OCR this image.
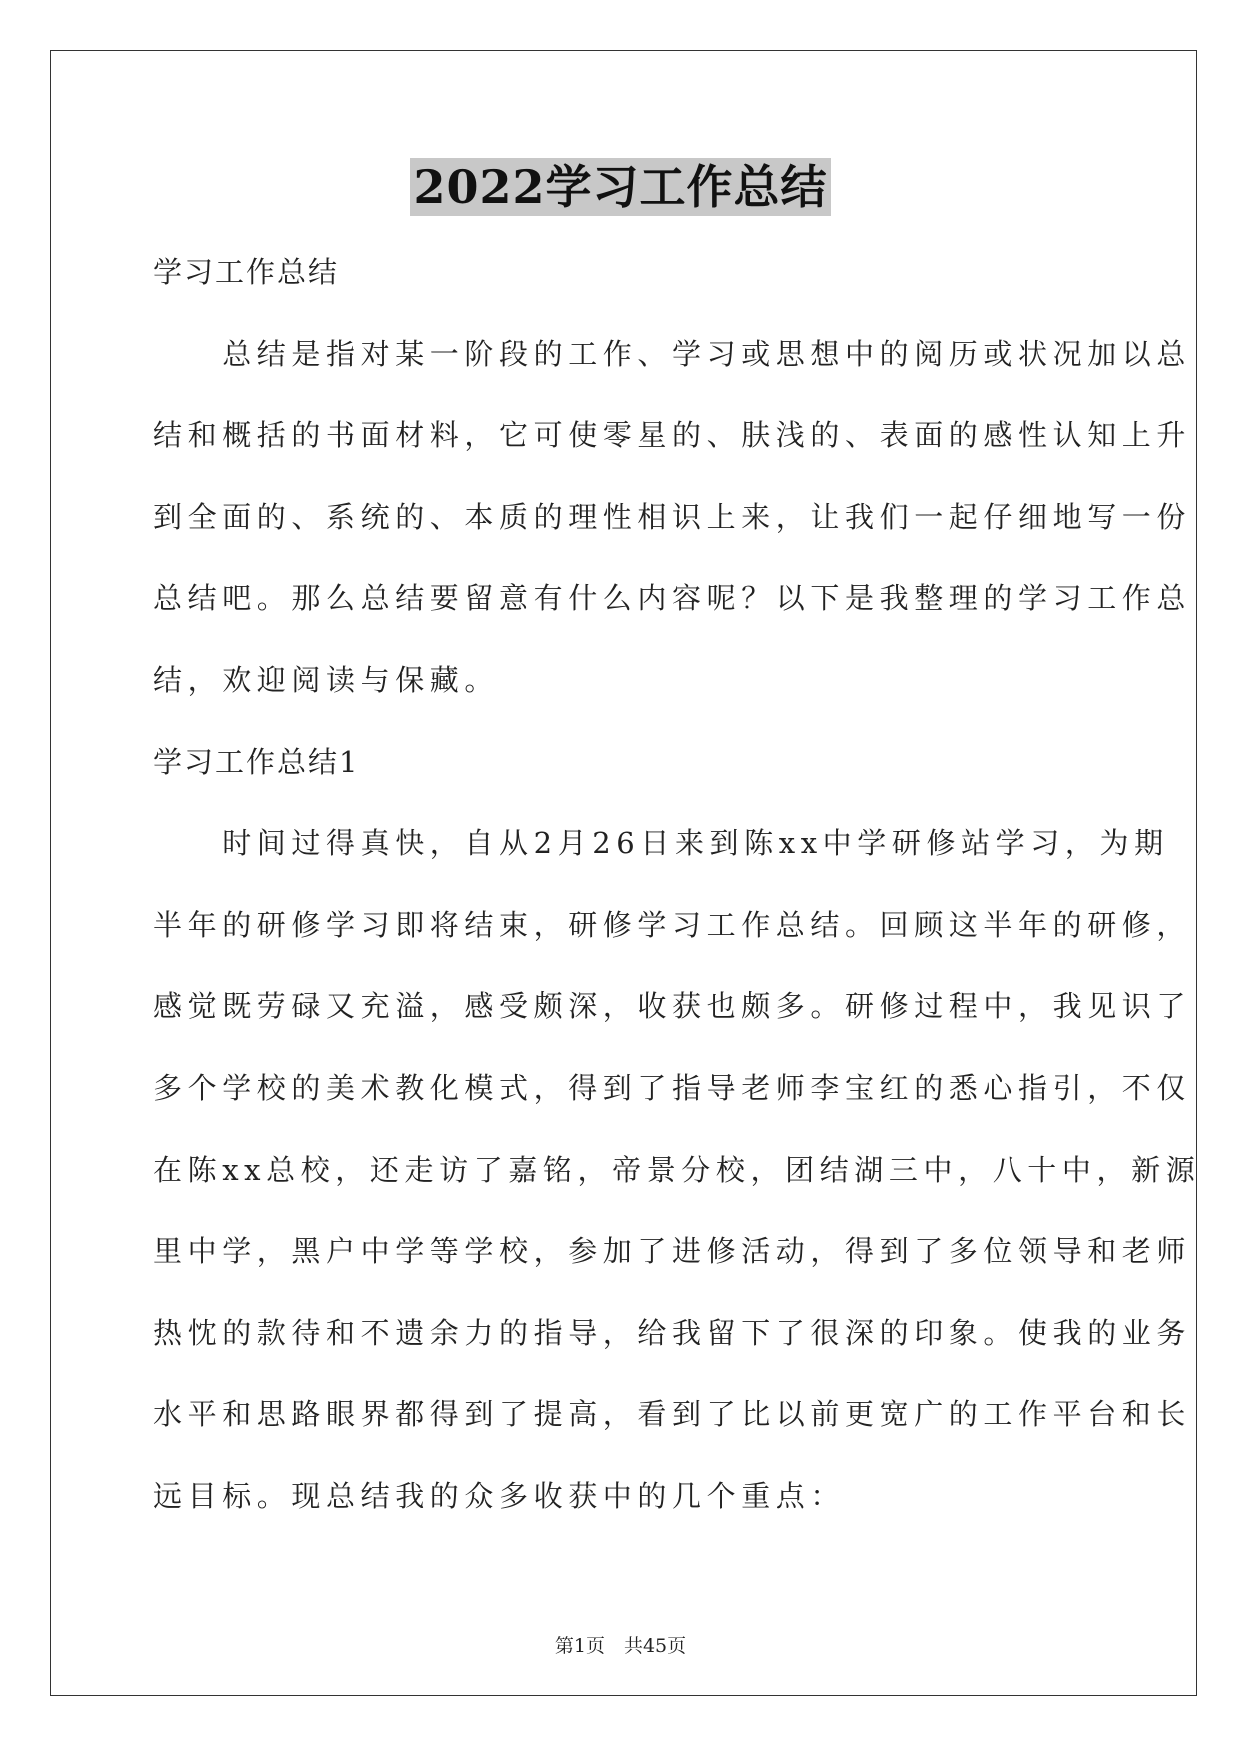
2022学习工作总结
学习工作总结
　　总结是指对某一阶段的工作、学习或思想中的阅历或状况加以总
结和概括的书面材料，它可使零星的、肤浅的、表面的感性认知上升
到全面的、系统的、本质的理性相识上来，让我们一起仔细地写一份
总结吧。那么总结要留意有什么内容呢？以下是我整理的学习工作总
结，欢迎阅读与保藏。
学习工作总结1
　　时间过得真快，自从2月26日来到陈xx中学研修站学习，为期
半年的研修学习即将结束，研修学习工作总结。回顾这半年的研修，
感觉既劳碌又充溢，感受颇深，收获也颇多。研修过程中，我见识了
多个学校的美术教化模式，得到了指导老师李宝红的悉心指引，不仅
在陈xx总校，还走访了嘉铭，帝景分校，团结湖三中，八十中，新源
里中学，黑户中学等学校，参加了进修活动，得到了多位领导和老师
热忱的款待和不遗余力的指导，给我留下了很深的印象。使我的业务
水平和思路眼界都得到了提高，看到了比以前更宽广的工作平台和长
远目标。现总结我的众多收获中的几个重点：
第1页　共45页
